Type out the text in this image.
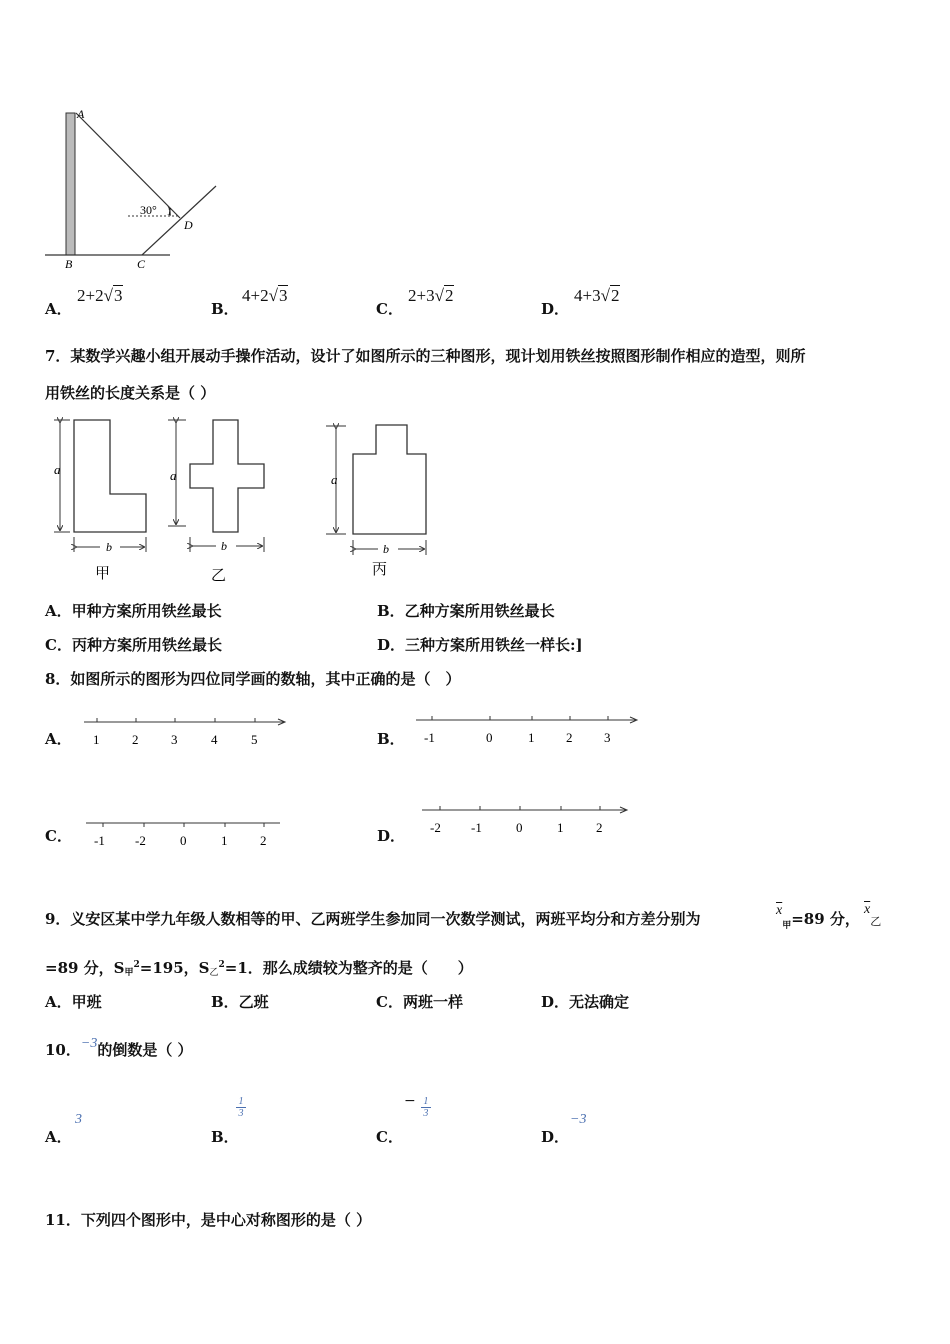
A
B	C
D
30° 1
A．
2+2√3
B．
4+2√3
C．
2+3√2
D．
4+3√2
7．某数学兴趣小组开展动手操作活动，设计了如图所示的三种图形，现计划用铁丝按照图形制作相应的造型，则所
用铁丝的长度关系是（ ）
a
b
甲
a
b
乙
a
b
丙
A．甲种方案所用铁丝最长	B．乙种方案所用铁丝最长
C．丙种方案所用铁丝最长	D．三种方案所用铁丝一样长:]
8．如图所示的图形为四位同学画的数轴，其中正确的是（　）
A． 1	2	3	4	5	B． -1	0	1 2 3
C． -1 -2	0	1	2	D． -2 -1	0	1	2
9．义安区某中学九年级人数相等的甲、乙两班学生参加同一次数学测试，两班平均分和方差分别为	$\overline{x}_甲=89$ 分，
$\overline{x}_乙$
=89 分，S甲$^2$=195，S乙$^2$=1．那么成绩较为整齐的是（　　）
A．甲班	B．乙班	C．两班一样	D．无法确定
10．−3的倒数是（ ）
A．
3
B．
1
3
C．
− $\frac{1}{3}$
D．
−3
11．下列四个图形中，是中心对称图形的是（ ）
